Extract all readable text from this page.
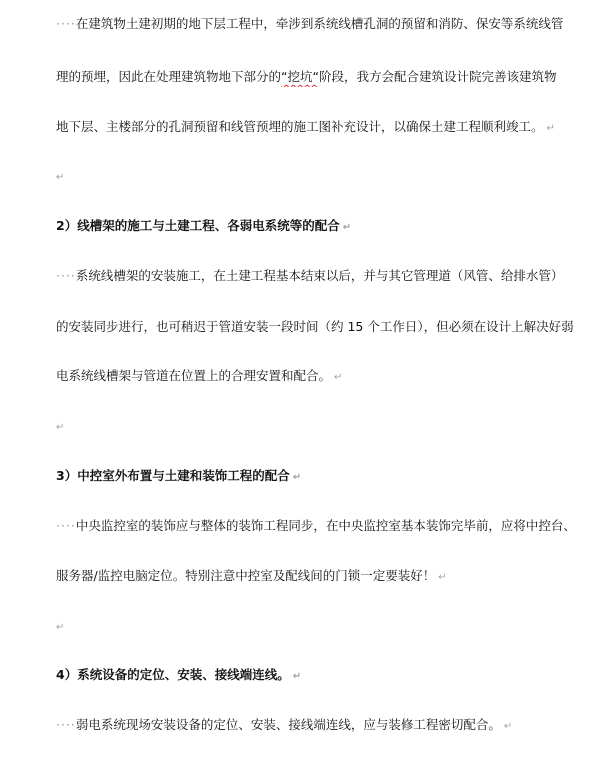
····在建筑物土建初期的地下层工程中，牵涉到系统线槽孔洞的预留和消防、保安等系统线管
理的预埋，因此在处理建筑物地下部分的“挖坑“阶段，我方会配合建筑设计院完善该建筑物
地下层、主楼部分的孔洞预留和线管预埋的施工图补充设计，以确保土建工程顺利竣工。 ↵
↵
2）线槽架的施工与土建工程、各弱电系统等的配合 ↵
····系统线槽架的安装施工，在土建工程基本结束以后，并与其它管理道（风管、给排水管）
的安装同步进行，也可稍迟于管道安装一段时间（约 15 个工作日），但必须在设计上解决好弱
电系统线槽架与管道在位置上的合理安置和配合。 ↵
↵
3）中控室外布置与土建和装饰工程的配合 ↵
····中央监控室的装饰应与整体的装饰工程同步，在中央监控室基本装饰完毕前，应将中控台、
服务器/监控电脑定位。特别注意中控室及配线间的门锁一定要装好！ ↵
↵
4）系统设备的定位、安装、接线端连线。 ↵
····弱电系统现场安装设备的定位、安装、接线端连线，应与装修工程密切配合。 ↵
